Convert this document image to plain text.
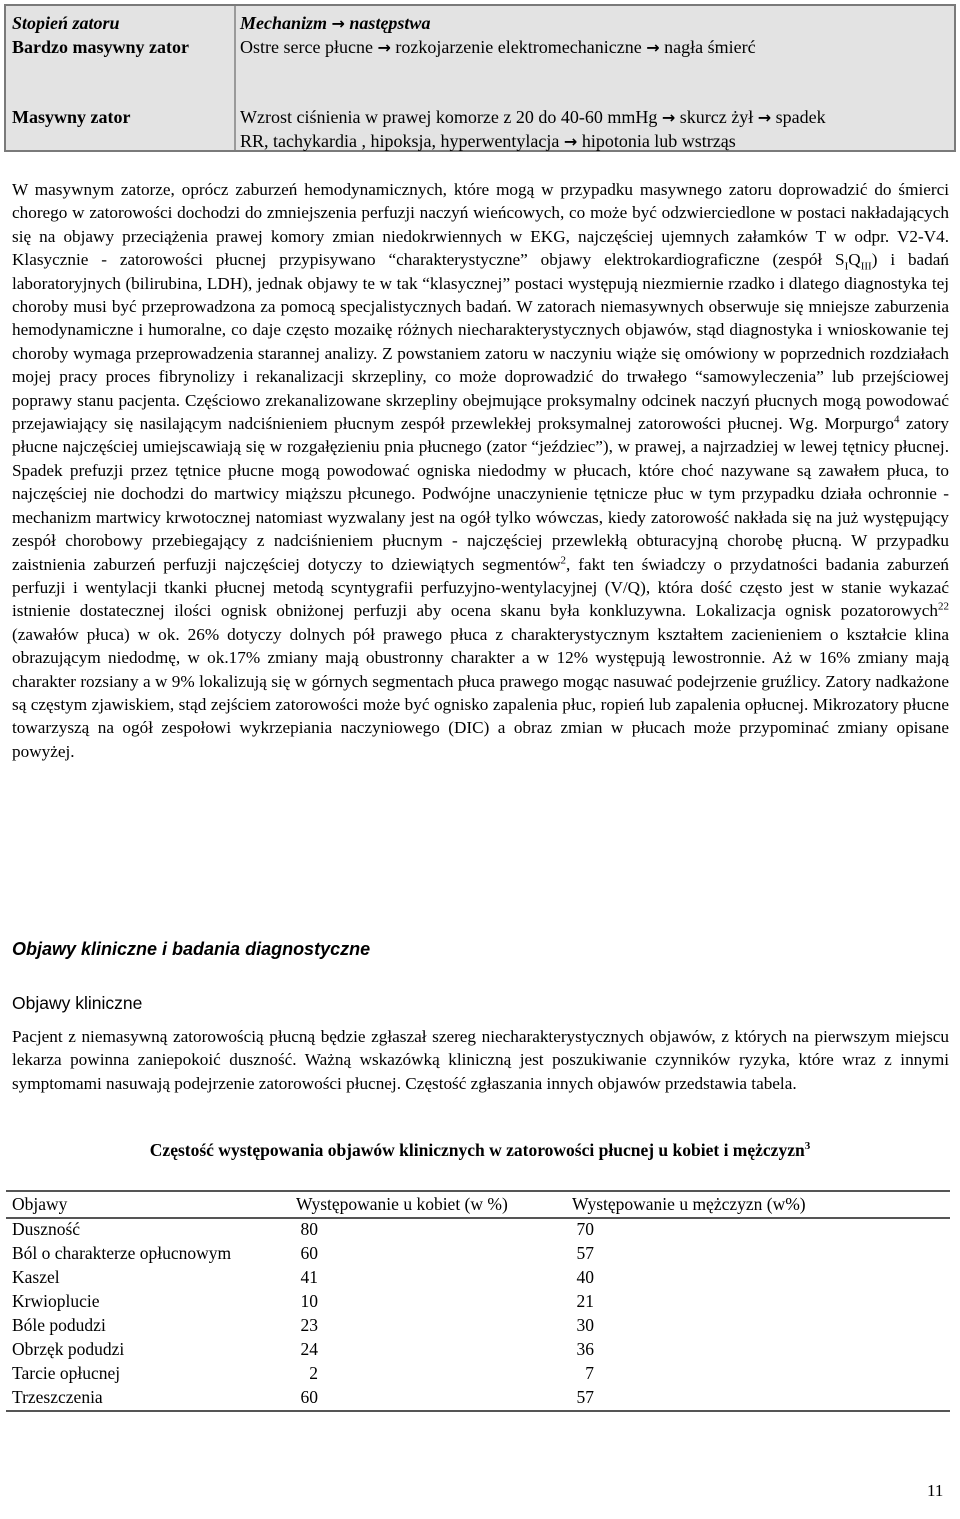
Stopień zatoru	Mechanizm → następstwa
Bardzo masywny zator	Ostre serce płucne → rozkojarzenie elektromechaniczne → nagła śmierć
Masywny zator	Wzrost ciśnienia w prawej komorze z 20 do 40-60 mmHg → skurcz żył → spadek
RR, tachykardia , hipoksja, hyperwentylacja → hipotonia lub wstrząs

W masywnym zatorze, oprócz zaburzeń hemodynamicznych, które mogą w przypadku masywnego zatoru doprowadzić do śmierci chorego w zatorowości dochodzi do zmniejszenia perfuzji naczyń wieńcowych, co może być odzwierciedlone w postaci nakładających się na objawy przeciążenia prawej komory zmian niedokrwiennych w EKG, najczęściej ujemnych załamków T w odpr. V2-V4. Klasycznie - zatorowości płucnej przypisywano “charakterystyczne” objawy elektrokardiograficzne (zespół $S_IQ_{III}$) i badań laboratoryjnych (bilirubina, LDH), jednak objawy te w tak “klasycznej” postaci występują niezmiernie rzadko i dlatego diagnostyka tej choroby musi być przeprowadzona za pomocą specjalistycznych badań. W zatorach niemasywnych obserwuje się mniejsze zaburzenia hemodynamiczne i humoralne, co daje często mozaikę różnych niecharakterystycznych objawów, stąd diagnostyka i wnioskowanie tej choroby wymaga przeprowadzenia starannej analizy. Z powstaniem zatoru w naczyniu wiąże się omówiony w poprzednich rozdziałach mojej pracy proces fibrynolizy i rekanalizacji skrzepliny, co może doprowadzić do trwałego “samowyleczenia” lub przejściowej poprawy stanu pacjenta. Częściowo zrekanalizowane skrzepliny obejmujące proksymalny odcinek naczyń płucnych mogą powodować przejawiający się nasilającym nadciśnieniem płucnym zespół przewlekłej proksymalnej zatorowości płucnej. Wg. Morpurgo$^4$ zatory płucne najczęściej umiejscawiają się w rozgałęzieniu pnia płucnego (zator “jeździec”), w prawej, a najrzadziej w lewej tętnicy płucnej. Spadek prefuzji przez tętnice płucne mogą powodować ogniska niedodmy w płucach, które choć nazywane są zawałem płuca, to najczęściej nie dochodzi do martwicy miąższu płcunego. Podwójne unaczynienie tętnicze płuc w tym przypadku działa ochronnie - mechanizm martwicy krwotocznej natomiast wyzwalany jest na ogół tylko wówczas, kiedy zatorowość nakłada się na już występujący zespół chorobowy przebiegający z nadciśnieniem płucnym - najczęściej przewlekłą obturacyjną chorobę płucną. W przypadku zaistnienia zaburzeń perfuzji najczęściej dotyczy to dziewiątych segmentów$^2$, fakt ten świadczy o przydatności badania zaburzeń perfuzji i wentylacji tkanki płucnej metodą scyntygrafii perfuzyjno-wentylacyjnej (V/Q), która dość często jest w stanie wykazać istnienie dostatecznej ilości ognisk obniżonej perfuzji aby ocena skanu była konkluzywna. Lokalizacja ognisk pozatorowych$^{22}$ (zawałów płuca) w ok. 26% dotyczy dolnych pół prawego płuca z charakterystycznym kształtem zacienieniem o kształcie klina obrazującym niedodmę, w ok.17% zmiany mają obustronny charakter a w 12% występują lewostronnie. Aż w 16% zmiany mają charakter rozsiany a w 9% lokalizują się w górnych segmentach płuca prawego mogąc nasuwać podejrzenie gruźlicy. Zatory nadkażone są częstym zjawiskiem, stąd zejściem zatorowości może być ognisko zapalenia płuc, ropień lub zapalenia opłucnej. Mikrozatory płucne towarzyszą na ogół zespołowi wykrzepiania naczyniowego (DIC) a obraz zmian w płucach może przypominać zmiany opisane powyżej.

Objawy kliniczne i badania diagnostyczne
Objawy kliniczne
Pacjent z niemasywną zatorowością płucną będzie zgłaszał szereg niecharakterystycznych objawów, z których na pierwszym miejscu lekarza powinna zaniepokoić duszność. Ważną wskazówką kliniczną jest poszukiwanie czynników ryzyka, które wraz z innymi symptomami nasuwają podejrzenie zatorowości płucnej. Częstość zgłaszania innych objawów przedstawia tabela.
Częstość występowania objawów klinicznych w zatorowości płucnej u kobiet i mężczyzn$^3$
Objawy	Występowanie u kobiet (w %)	Występowanie u mężczyzn (w%)
Duszność	80	70
Ból o charakterze opłucnowym	60	57
Kaszel	41	40
Krwioplucie	10	21
Bóle podudzi	23	30
Obrzęk podudzi	24	36
Tarcie opłucnej	2	7
Trzeszczenia	60	57
11
